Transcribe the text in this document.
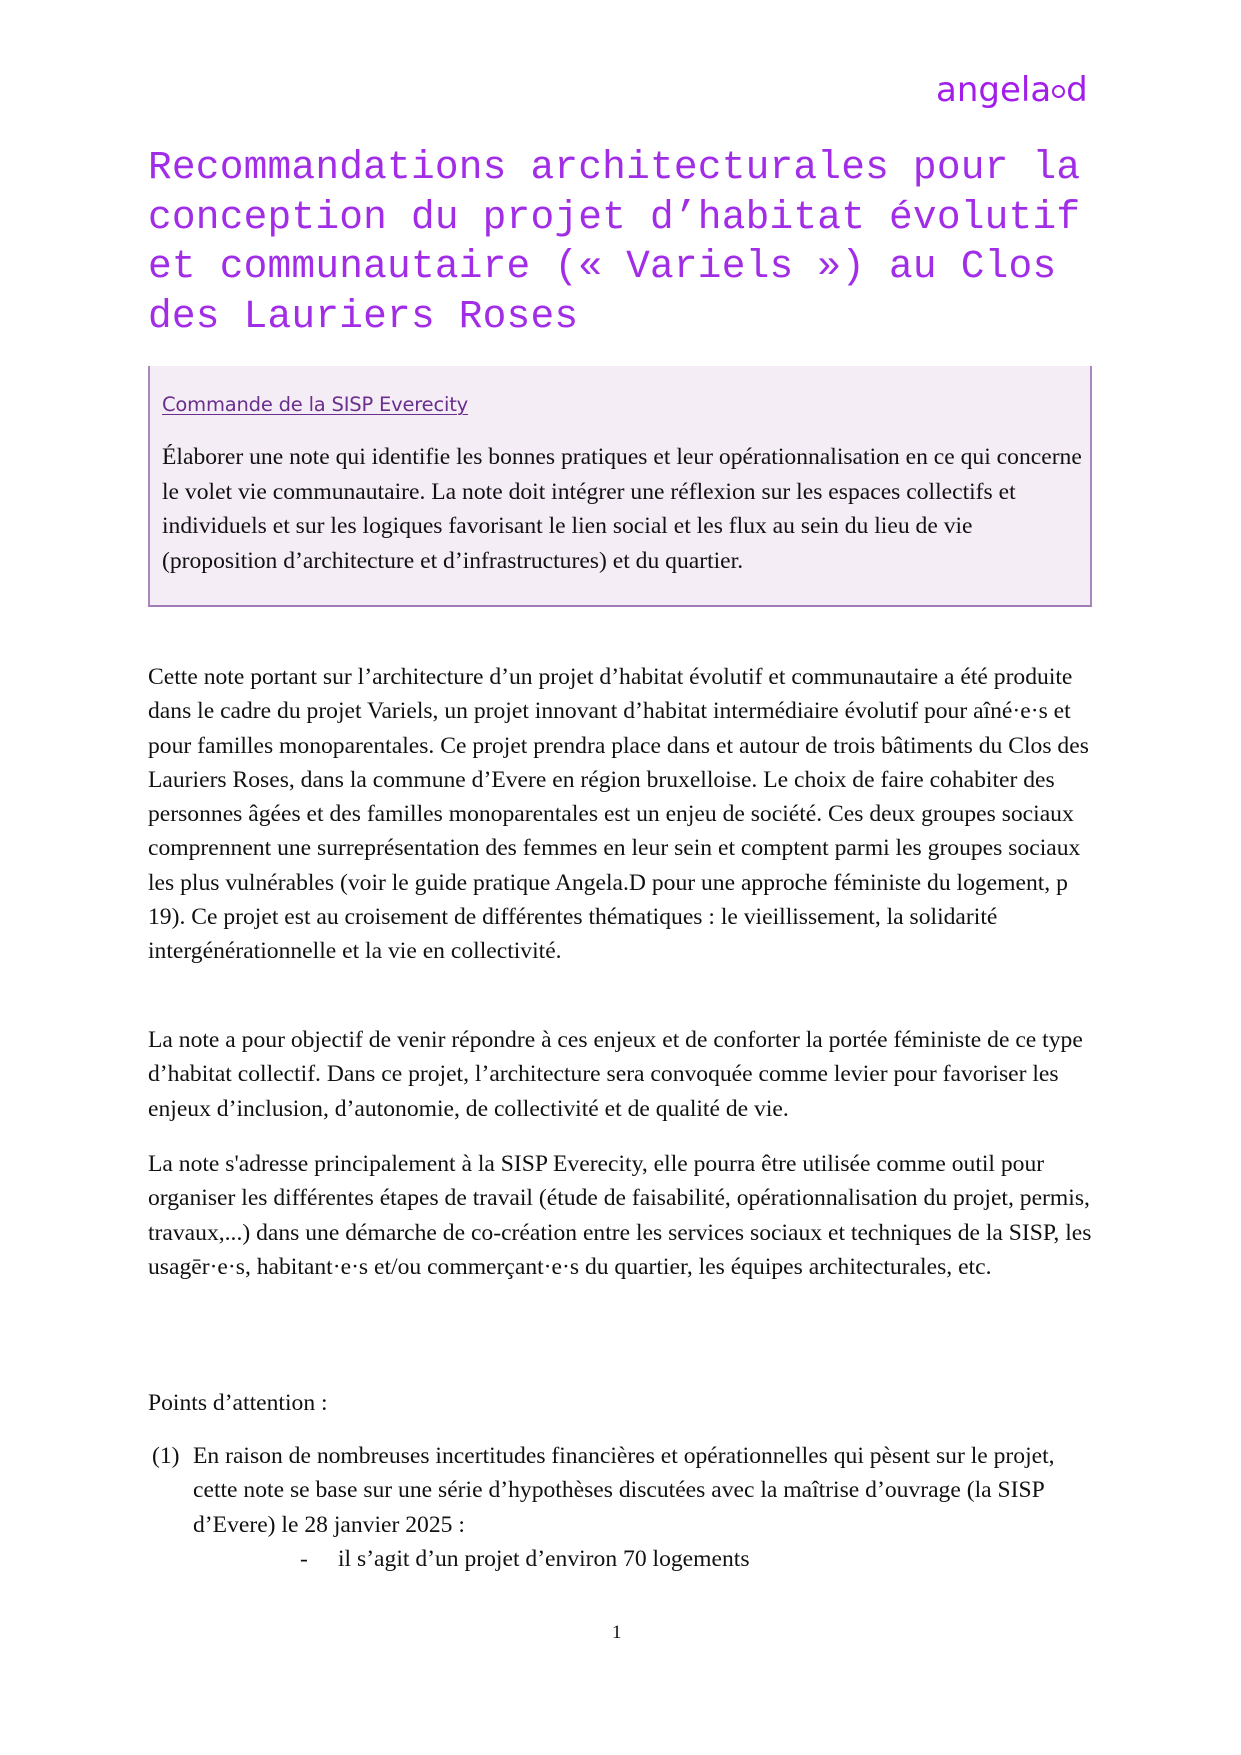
angela d
Recommandations architecturales pour la conception du projet d’habitat évolutif et communautaire (« Variels ») au Clos des Lauriers Roses
Commande de la SISP Everecity

Élaborer une note qui identifie les bonnes pratiques et leur opérationnalisation en ce qui concerne le volet vie communautaire. La note doit intégrer une réflexion sur les espaces collectifs et individuels et sur les logiques favorisant le lien social et les flux au sein du lieu de vie (proposition d’architecture et d’infrastructures) et du quartier.

Cette note portant sur l’architecture d’un projet d’habitat évolutif et communautaire a été produite dans le cadre du projet Variels, un projet innovant d’habitat intermédiaire évolutif pour aîné·e·s et pour familles monoparentales. Ce projet prendra place dans et autour de trois bâtiments du Clos des Lauriers Roses, dans la commune d’Evere en région bruxelloise. Le choix de faire cohabiter des personnes âgées et des familles monoparentales est un enjeu de société. Ces deux groupes sociaux comprennent une surreprésentation des femmes en leur sein et comptent parmi les groupes sociaux les plus vulnérables (voir le guide pratique Angela.D pour une approche féministe du logement, p 19). Ce projet est au croisement de différentes thématiques : le vieillissement, la solidarité intergénérationnelle et la vie en collectivité.

La note a pour objectif de venir répondre à ces enjeux et de conforter la portée féministe de ce type d’habitat collectif. Dans ce projet, l’architecture sera convoquée comme levier pour favoriser les enjeux d’inclusion, d’autonomie, de collectivité et de qualité de vie.

La note s'adresse principalement à la SISP Everecity, elle pourra être utilisée comme outil pour organiser les différentes étapes de travail (étude de faisabilité, opérationnalisation du projet, permis, travaux,...) dans une démarche de co-création entre les services sociaux et techniques de la SISP, les usagēr·e·s, habitant·e·s et/ou commerçant·e·s du quartier, les équipes architecturales, etc.

Points d’attention :

(1) En raison de nombreuses incertitudes financières et opérationnelles qui pèsent sur le projet, cette note se base sur une série d’hypothèses discutées avec la maîtrise d’ouvrage (la SISP d’Evere) le 28 janvier 2025 :

- il s’agit d’un projet d’environ 70 logements
1
